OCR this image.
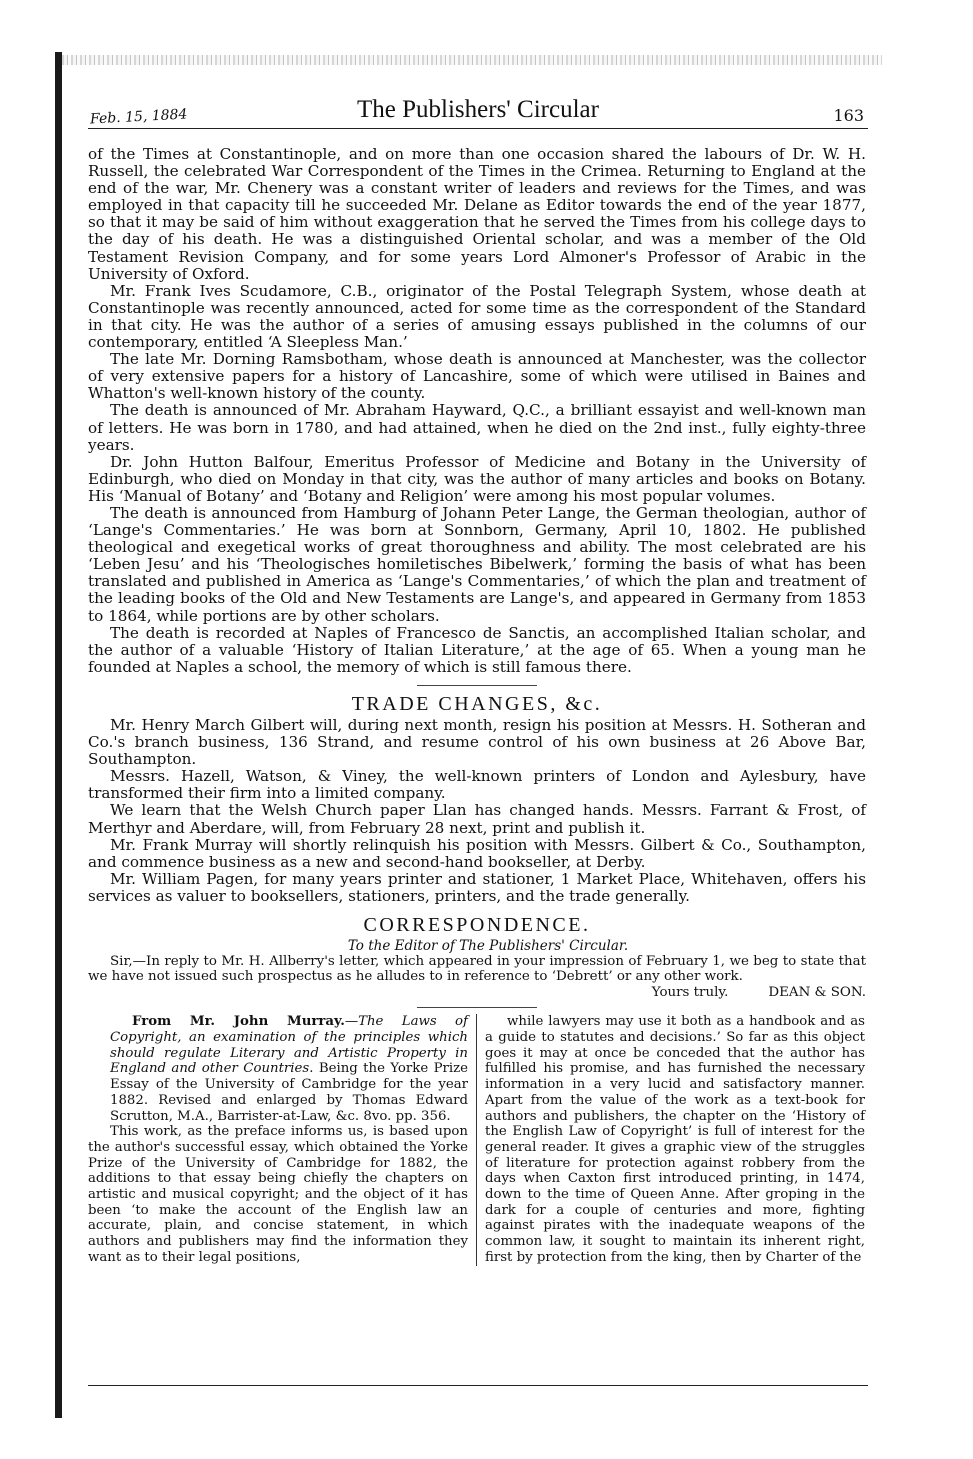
Feb. 15, 1884	The Publishers' Circular	163

of the Times at Constantinople, and on more than one occasion shared the labours of Dr. W. H. Russell, the celebrated War Correspondent of the Times in the Crimea. Returning to England at the end of the war, Mr. Chenery was a constant writer of leaders and reviews for the Times, and was employed in that capacity till he succeeded Mr. Delane as Editor towards the end of the year 1877, so that it may be said of him without exaggeration that he served the Times from his college days to the day of his death. He was a distinguished Oriental scholar, and was a member of the Old Testament Revision Company, and for some years Lord Almoner's Professor of Arabic in the University of Oxford.

Mr. Frank Ives Scudamore, C.B., originator of the Postal Telegraph System, whose death at Constantinople was recently announced, acted for some time as the correspondent of the Standard in that city. He was the author of a series of amusing essays published in the columns of our contemporary, entitled ‘A Sleepless Man.’

The late Mr. Dorning Ramsbotham, whose death is announced at Manchester, was the collector of very extensive papers for a history of Lancashire, some of which were utilised in Baines and Whatton's well-known history of the county.

The death is announced of Mr. Abraham Hayward, Q.C., a brilliant essayist and well-known man of letters. He was born in 1780, and had attained, when he died on the 2nd inst., fully eighty-three years.

Dr. John Hutton Balfour, Emeritus Professor of Medicine and Botany in the University of Edinburgh, who died on Monday in that city, was the author of many articles and books on Botany. His ‘Manual of Botany’ and ‘Botany and Religion’ were among his most popular volumes.

The death is announced from Hamburg of Johann Peter Lange, the German theologian, author of ‘Lange's Commentaries.’ He was born at Sonnborn, Germany, April 10, 1802. He published theological and exegetical works of great thoroughness and ability. The most celebrated are his ‘Leben Jesu’ and his ‘Theologisches homiletisches Bibelwerk,’ forming the basis of what has been translated and published in America as ‘Lange's Commentaries,’ of which the plan and treatment of the leading books of the Old and New Testaments are Lange's, and appeared in Germany from 1853 to 1864, while portions are by other scholars.

The death is recorded at Naples of Francesco de Sanctis, an accomplished Italian scholar, and the author of a valuable ‘History of Italian Literature,’ at the age of 65. When a young man he founded at Naples a school, the memory of which is still famous there.

TRADE CHANGES, &c.

Mr. Henry March Gilbert will, during next month, resign his position at Messrs. H. Sotheran and Co.'s branch business, 136 Strand, and resume control of his own business at 26 Above Bar, Southampton.

Messrs. Hazell, Watson, & Viney, the well-known printers of London and Aylesbury, have transformed their firm into a limited company.

We learn that the Welsh Church paper Llan has changed hands. Messrs. Farrant & Frost, of Merthyr and Aberdare, will, from February 28 next, print and publish it.

Mr. Frank Murray will shortly relinquish his position with Messrs. Gilbert & Co., Southampton, and commence business as a new and second-hand bookseller, at Derby.

Mr. William Pagen, for many years printer and stationer, 1 Market Place, Whitehaven, offers his services as valuer to booksellers, stationers, printers, and the trade generally.

CORRESPONDENCE.

To the Editor of The Publishers' Circular.

Sir,—In reply to Mr. H. Allberry's letter, which appeared in your impression of February 1, we beg to state that we have not issued such prospectus as he alludes to in reference to ‘Debrett’ or any other work.

Yours truly.	DEAN & SON.

From Mr. John Murray.—The Laws of Copyright, an examination of the principles which should regulate Literary and Artistic Property in England and other Countries. Being the Yorke Prize Essay of the University of Cambridge for the year 1882. Revised and enlarged by Thomas Edward Scrutton, M.A., Barrister-at-Law, &c. 8vo. pp. 356.

This work, as the preface informs us, is based upon the author's successful essay, which obtained the Yorke Prize of the University of Cambridge for 1882, the additions to that essay being chiefly the chapters on artistic and musical copyright; and the object of it has been ‘to make the account of the English law an accurate, plain, and concise statement, in which authors and publishers may find the information they want as to their legal positions,

while lawyers may use it both as a handbook and as a guide to statutes and decisions.’ So far as this object goes it may at once be conceded that the author has fulfilled his promise, and has furnished the necessary information in a very lucid and satisfactory manner. Apart from the value of the work as a text-book for authors and publishers, the chapter on the ‘History of the English Law of Copyright’ is full of interest for the general reader. It gives a graphic view of the struggles of literature for protection against robbery from the days when Caxton first introduced printing, in 1474, down to the time of Queen Anne. After groping in the dark for a couple of centuries and more, fighting against pirates with the inadequate weapons of the common law, it sought to maintain its inherent right, first by protection from the king, then by Charter of the
